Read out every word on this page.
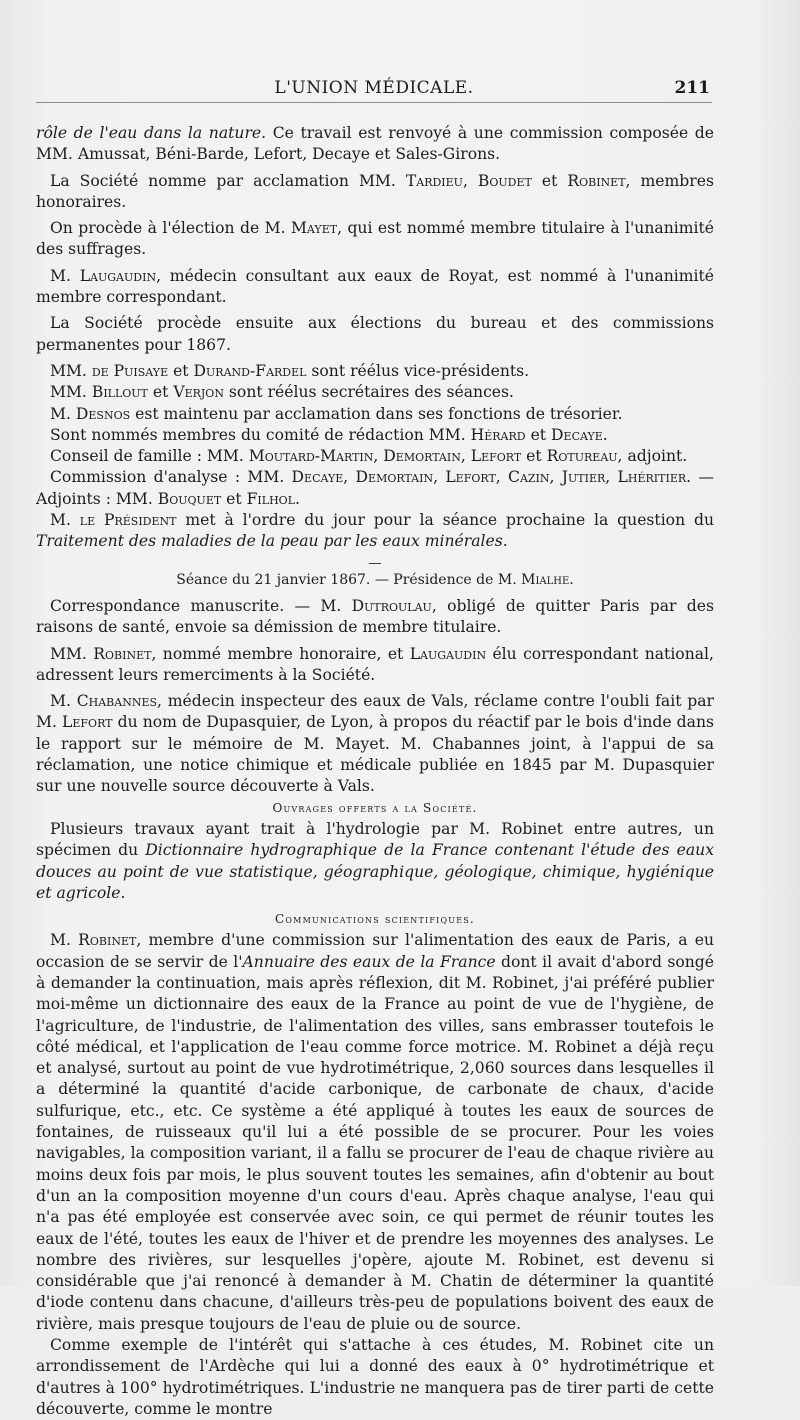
L'UNION MÉDICALE.	211

rôle de l'eau dans la nature. Ce travail est renvoyé à une commission composée de MM. Amussat, Béni-Barde, Lefort, Decaye et Sales-Girons.

La Société nomme par acclamation MM. Tardieu, Boudet et Robinet, membres honoraires.

On procède à l'élection de M. Mayet, qui est nommé membre titulaire à l'unanimité des suffrages.

M. Laugaudin, médecin consultant aux eaux de Royat, est nommé à l'unanimité membre correspondant.

La Société procède ensuite aux élections du bureau et des commissions permanentes pour 1867.

MM. de Puisaye et Durand-Fardel sont réélus vice-présidents.

MM. Billout et Verjon sont réélus secrétaires des séances.

M. Desnos est maintenu par acclamation dans ses fonctions de trésorier.

Sont nommés membres du comité de rédaction MM. Hérard et Decaye.

Conseil de famille : MM. Moutard-Martin, Demortain, Lefort et Rotureau, adjoint.

Commission d'analyse : MM. Decaye, Demortain, Lefort, Cazin, Jutier, Lhéritier. — Adjoints : MM. Bouquet et Filhol.

M. le Président met à l'ordre du jour pour la séance prochaine la question du Traitement des maladies de la peau par les eaux minérales.

—

Séance du 21 janvier 1867. — Présidence de M. Mialhe.

Correspondance manuscrite. — M. Dutroulau, obligé de quitter Paris par des raisons de santé, envoie sa démission de membre titulaire.

MM. Robinet, nommé membre honoraire, et Laugaudin élu correspondant national, adressent leurs remerciments à la Société.

M. Chabannes, médecin inspecteur des eaux de Vals, réclame contre l'oubli fait par M. Lefort du nom de Dupasquier, de Lyon, à propos du réactif par le bois d'inde dans le rapport sur le mémoire de M. Mayet. M. Chabannes joint, à l'appui de sa réclamation, une notice chimique et médicale publiée en 1845 par M. Dupasquier sur une nouvelle source découverte à Vals.

Ouvrages offerts a la Société.

Plusieurs travaux ayant trait à l'hydrologie par M. Robinet entre autres, un spécimen du Dictionnaire hydrographique de la France contenant l'étude des eaux douces au point de vue statistique, géographique, géologique, chimique, hygiénique et agricole.

Communications scientifiques.

M. Robinet, membre d'une commission sur l'alimentation des eaux de Paris, a eu occasion de se servir de l'Annuaire des eaux de la France dont il avait d'abord songé à demander la continuation, mais après réflexion, dit M. Robinet, j'ai préféré publier moi-même un dictionnaire des eaux de la France au point de vue de l'hygiène, de l'agriculture, de l'industrie, de l'alimentation des villes, sans embrasser toutefois le côté médical, et l'application de l'eau comme force motrice. M. Robinet a déjà reçu et analysé, surtout au point de vue hydrotimétrique, 2,060 sources dans lesquelles il a déterminé la quantité d'acide carbonique, de carbonate de chaux, d'acide sulfurique, etc., etc. Ce système a été appliqué à toutes les eaux de sources de fontaines, de ruisseaux qu'il lui a été possible de se procurer. Pour les voies navigables, la composition variant, il a fallu se procurer de l'eau de chaque rivière au moins deux fois par mois, le plus souvent toutes les semaines, afin d'obtenir au bout d'un an la composition moyenne d'un cours d'eau. Après chaque analyse, l'eau qui n'a pas été employée est conservée avec soin, ce qui permet de réunir toutes les eaux de l'été, toutes les eaux de l'hiver et de prendre les moyennes des analyses. Le nombre des rivières, sur lesquelles j'opère, ajoute M. Robinet, est devenu si considérable que j'ai renoncé à demander à M. Chatin de déterminer la quantité d'iode contenu dans chacune, d'ailleurs très-peu de populations boivent des eaux de rivière, mais presque toujours de l'eau de pluie ou de source.

Comme exemple de l'intérêt qui s'attache à ces études, M. Robinet cite un arrondissement de l'Ardèche qui lui a donné des eaux à 0° hydrotimétrique et d'autres à 100° hydrotimétriques. L'industrie ne manquera pas de tirer parti de cette découverte, comme le montre
